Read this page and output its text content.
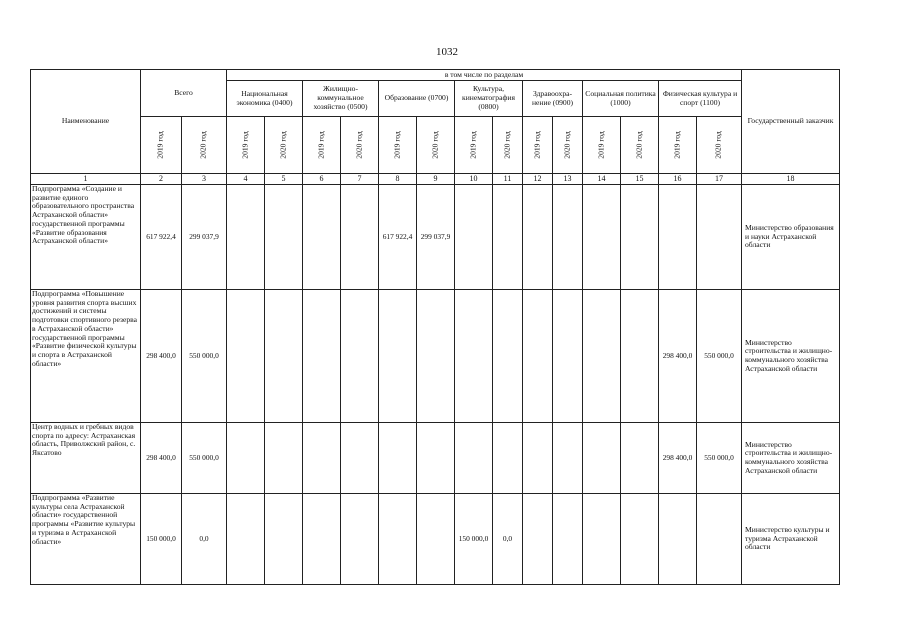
1032
Наименование	Всего		в том числе по разделам														Государственный заказчик
			Национальная экономика (0400)		Жилищно-коммунальное хозяйство (0500)		Образование (0700)		Культура, кинематография (0800)		Здравоохра-нение (0900)		Социальная политика (1000)		Физическая культура и спорт (1100)		

	2019 год	2020 год	2019 год	2020 год	2019 год	2020 год	2019 год	2020 год	2019 год	2020 год	2019 год	2020 год	2019 год	2020 год	2019 год	2020 год	

1	2	3	4	5	6	7	8	9	10	11	12	13	14	15	16	17	18
Подпрограмма «Создание и развитие единого образовательного пространства Астраханской области» государственной программы «Развитие образования Астраханской области»	617 922,4	299 037,9					617 922,4	299 037,9									Министерство образования и науки Астраханской области
Подпрограмма «Повышение уровня развития спорта высших достижений и системы подготовки спортивного резерва в Астраханской области» государственной программы «Развитие физической культуры и спорта в Астраханской области»	298 400,0	550 000,0													298 400,0	550 000,0	Министерство строительства и жилищно-коммунального хозяйства Астраханской области
Центр водных и гребных видов спорта по адресу: Астраханская область, Приволжский район, с. Яксатово	298 400,0	550 000,0													298 400,0	550 000,0	Министерство строительства и жилищно-коммунального хозяйства Астраханской области
Подпрограмма «Развитие культуры села Астраханской области» государственной программы «Развитие культуры и туризма в Астраханской области»	150 000,0	0,0							150 000,0	0,0							Министерство культуры и туризма Астраханской области
